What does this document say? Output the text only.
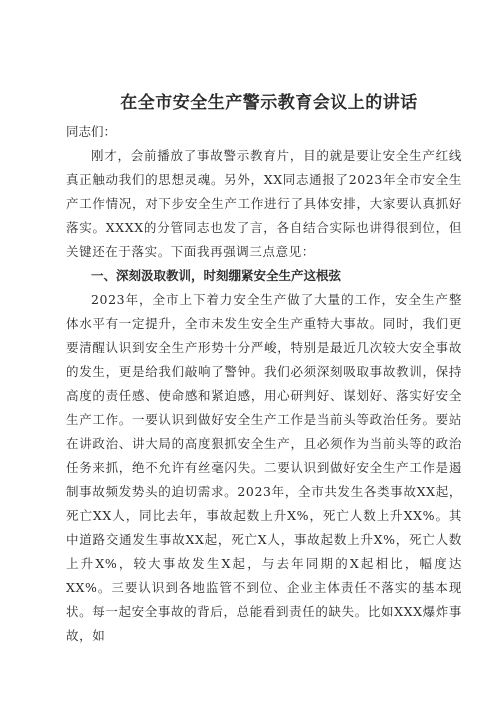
在全市安全生产警示教育会议上的讲话

同志们：

刚才，会前播放了事故警示教育片，目的就是要让安全生产红线真正触动我们的思想灵魂。另外，XX同志通报了2023年全市安全生产工作情况，对下步安全生产工作进行了具体安排，大家要认真抓好落实。XXXX的分管同志也发了言，各自结合实际也讲得很到位，但关键还在于落实。下面我再强调三点意见：

一、深刻汲取教训，时刻绷紧安全生产这根弦

2023年，全市上下着力安全生产做了大量的工作，安全生产整体水平有一定提升，全市未发生安全生产重特大事故。同时，我们更要清醒认识到安全生产形势十分严峻，特别是最近几次较大安全事故的发生，更是给我们敲响了警钟。我们必须深刻吸取事故教训，保持高度的责任感、使命感和紧迫感，用心研判好、谋划好、落实好安全生产工作。一要认识到做好安全生产工作是当前头等政治任务。要站在讲政治、讲大局的高度狠抓安全生产，且必须作为当前头等的政治任务来抓，绝不允许有丝毫闪失。二要认识到做好安全生产工作是遏制事故频发势头的迫切需求。2023年，全市共发生各类事故XX起，死亡XX人，同比去年，事故起数上升X%，死亡人数上升XX%。其中道路交通发生事故XX起，死亡X人，事故起数上升X%，死亡人数上升X%，较大事故发生X起，与去年同期的X起相比，幅度达XX%。三要认识到各地监管不到位、企业主体责任不落实的基本现状。每一起安全事故的背后，总能看到责任的缺失。比如XXX爆炸事故，如
